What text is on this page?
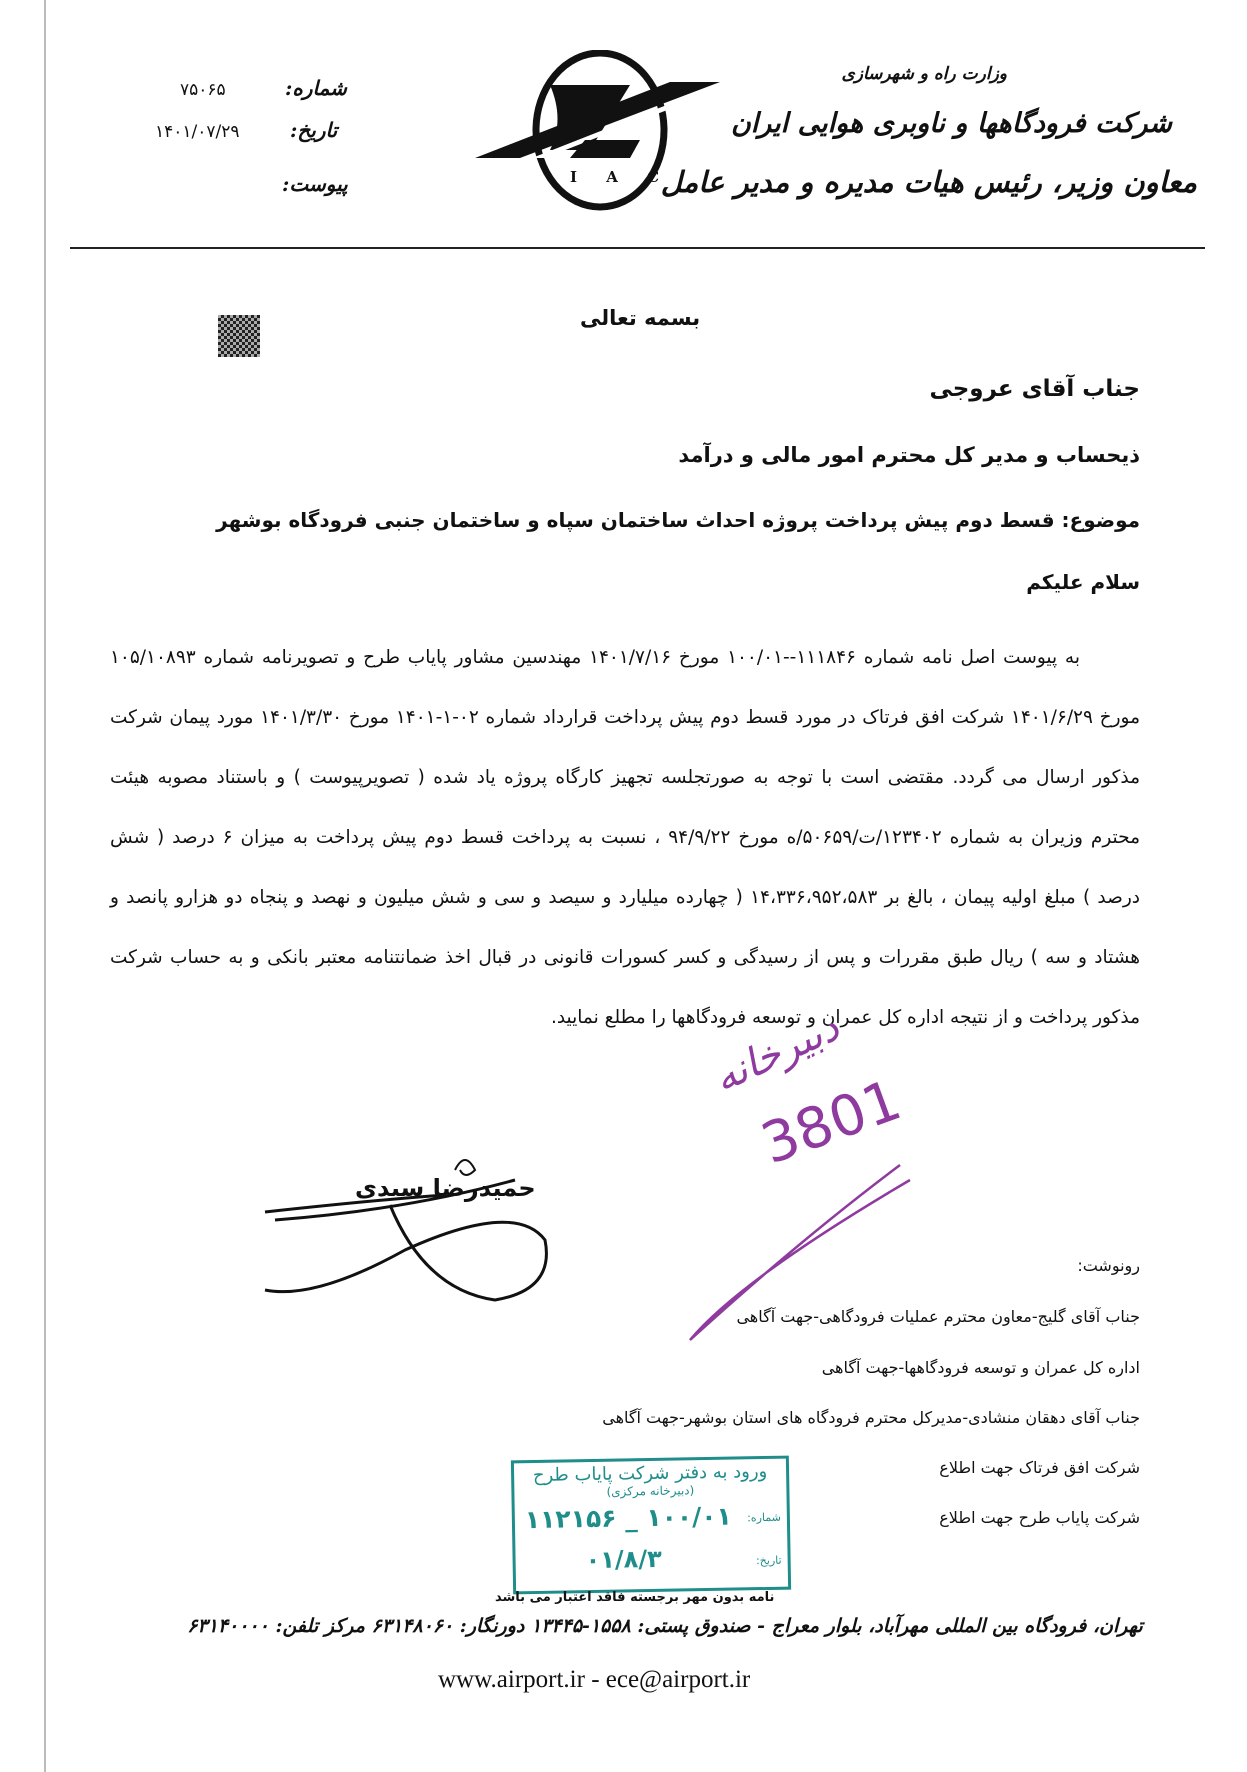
وزارت راه و شهرسازی
شرکت فرودگاهها و ناوبری هوایی ایران
معاون وزیر، رئیس هیات مدیره و مدیر عامل
I A C
شماره:
۷۵۰۶۵
تاریخ:
۱۴۰۱/۰۷/۲۹
پیوست:
بسمه تعالی
جناب آقای عروجی
ذیحساب و مدیر کل محترم امور مالی و درآمد
موضوع: قسط دوم پیش پرداخت پروژه احداث ساختمان سپاه و ساختمان جنبی فرودگاه بوشهر
سلام علیکم
به پیوست اصل نامه شماره ۱۱۱۸۴۶--۱۰۰/۰۱ مورخ ۱۴۰۱/۷/۱۶ مهندسین مشاور پایاب طرح و تصویرنامه شماره ۱۰۵/۱۰۸۹۳ مورخ ۱۴۰۱/۶/۲۹ شرکت افق فرتاک در مورد قسط دوم پیش پرداخت قرارداد شماره ۰۲-۱-۱۴۰۱ مورخ ۱۴۰۱/۳/۳۰ مورد پیمان شرکت مذکور ارسال می گردد. مقتضی است با توجه به صورتجلسه تجهیز کارگاه پروژه یاد شده ( تصویرپیوست ) و باستناد مصوبه هیئت محترم وزیران به شماره ۱۲۳۴۰۲/ت/۵۰۶۵۹/ه مورخ ۹۴/۹/۲۲ ، نسبت به پرداخت قسط دوم پیش پرداخت به میزان ۶ درصد ( شش درصد ) مبلغ اولیه پیمان ، بالغ بر ۱۴،۳۳۶،۹۵۲،۵۸۳ ( چهارده میلیارد و سیصد و سی و شش میلیون و نهصد و پنجاه دو هزارو پانصد و هشتاد و سه ) ریال طبق مقررات و پس از رسیدگی و کسر کسورات قانونی در قبال اخذ ضمانتنامه معتبر بانکی و به حساب شرکت مذکور پرداخت و از نتیجه اداره کل عمران و توسعه فرودگاهها را مطلع نمایید.
حمیدرضا سیدی
دبیرخانه
3801
رونوشت:
جناب آقای گلیج-معاون محترم عملیات فرودگاهی-جهت آگاهی
اداره کل عمران و توسعه فرودگاهها-جهت آگاهی
جناب آقای دهقان منشادی-مدیرکل محترم فرودگاه های استان بوشهر-جهت آگاهی
شرکت افق فرتاک جهت اطلاع
شرکت پایاب طرح جهت اطلاع
ورود به دفتر شرکت پایاب طرح
(دبیرخانه مرکزی)
شماره:
۱۰۰/۰۱ _ ۱۱۲۱۵۶
تاریخ:
۰۱/۸/۳
نامه بدون مهر برجسته فاقد اعتبار می باشد
تهران، فرودگاه بین المللی مهرآباد، بلوار معراج - صندوق پستی: ۱۵۵۸-۱۳۴۴۵ دورنگار: ۶۳۱۴۸۰۶۰ مرکز تلفن: ۶۳۱۴۰۰۰۰
www.airport.ir - ece@airport.ir
